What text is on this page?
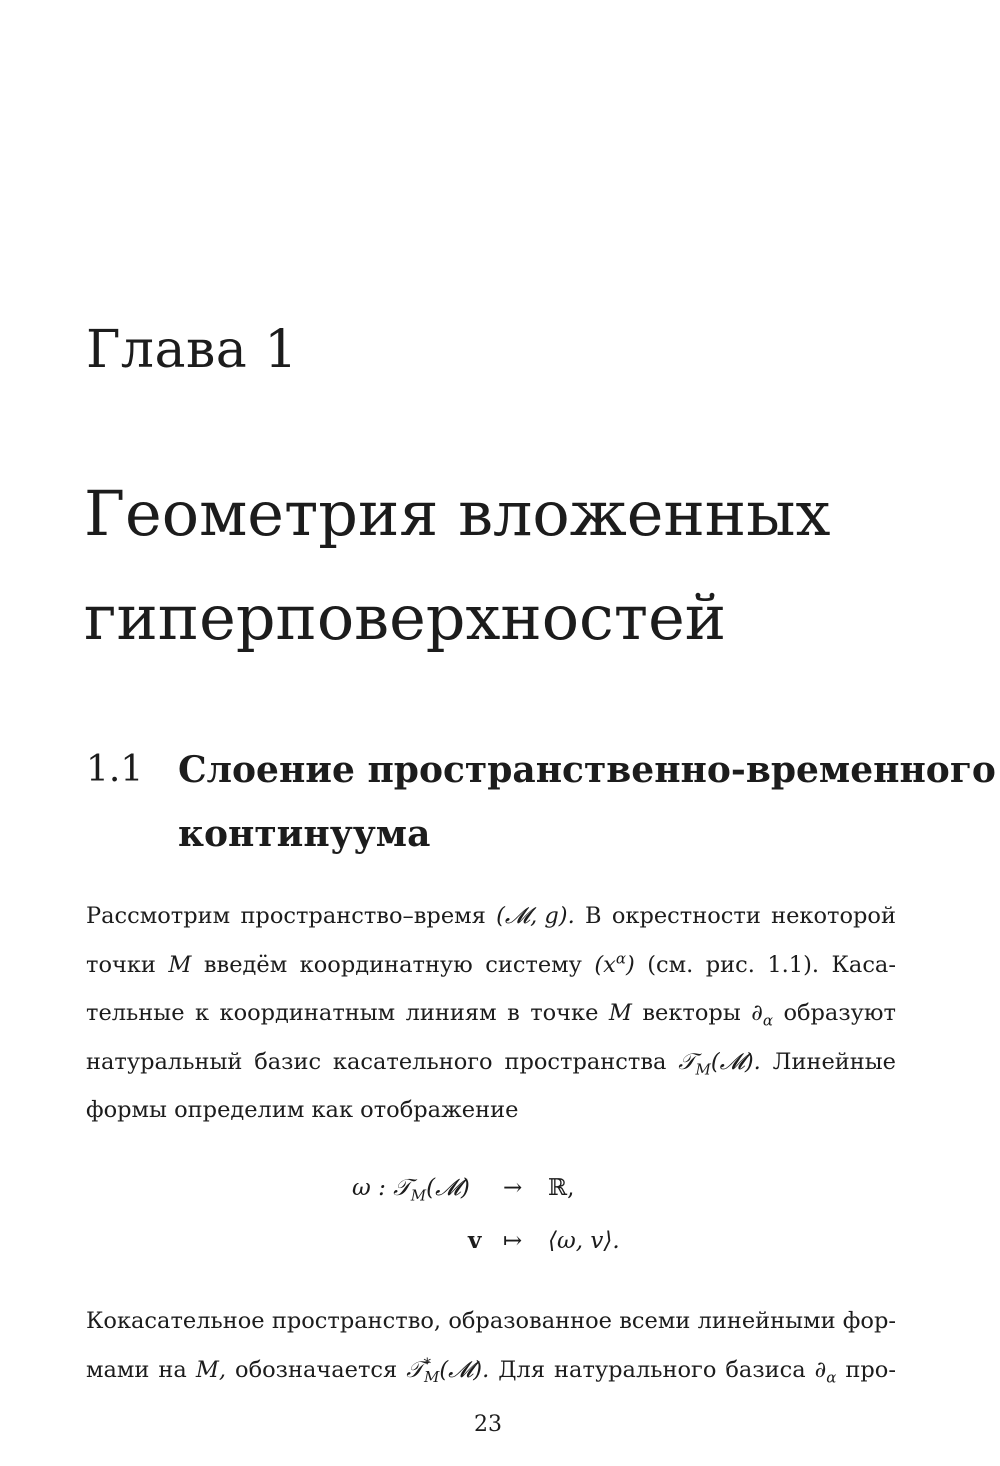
Глава 1
Геометрия вложенных
гиперповерхностей
1.1 Слоение пространственно-временного
континуума
Рассмотрим пространство–время (𝓜, g). В окрестности некоторой
точки M введём координатную систему $(x^\alpha)$ (см. рис. 1.1). Каса-
тельные к координатным линиям в точке M векторы $\partial_\alpha$ образуют
натуральный базис касательного пространства 𝒯$_M$(𝓜). Линейные
формы определим как отображение
ω : 𝒯$_M$(𝓜) → ℝ,
v ↦ ⟨ω, v⟩.
Кокасательное пространство, образованное всеми линейными фор-
мами на M, обозначается 𝒯*$_M$(𝓜). Для натурального базиса $\partial_\alpha$ про-
23
